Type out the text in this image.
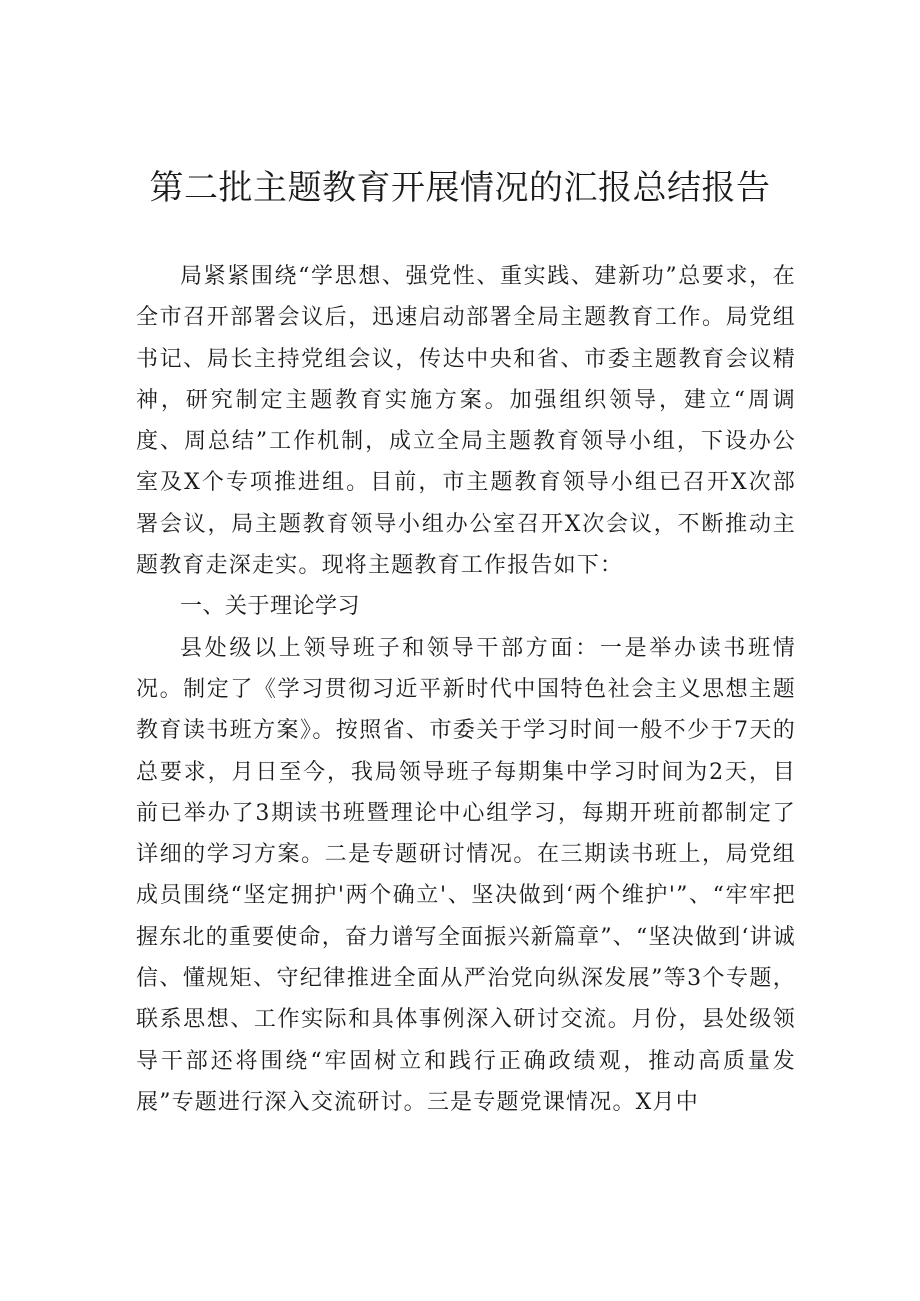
第二批主题教育开展情况的汇报总结报告

局紧紧围绕“学思想、强党性、重实践、建新功”总要求，在全市召开部署会议后，迅速启动部署全局主题教育工作。局党组书记、局长主持党组会议，传达中央和省、市委主题教育会议精神，研究制定主题教育实施方案。加强组织领导，建立“周调度、周总结”工作机制，成立全局主题教育领导小组，下设办公室及X个专项推进组。目前，市主题教育领导小组已召开X次部署会议，局主题教育领导小组办公室召开X次会议，不断推动主题教育走深走实。现将主题教育工作报告如下：

一、关于理论学习

县处级以上领导班子和领导干部方面：一是举办读书班情况。制定了《学习贯彻习近平新时代中国特色社会主义思想主题教育读书班方案》。按照省、市委关于学习时间一般不少于7天的总要求，月日至今，我局领导班子每期集中学习时间为2天，目前已举办了3期读书班暨理论中心组学习，每期开班前都制定了详细的学习方案。二是专题研讨情况。在三期读书班上，局党组成员围绕“坚定拥护'两个确立'、坚决做到‘两个维护'”、“牢牢把握东北的重要使命，奋力谱写全面振兴新篇章”、“坚决做到‘讲诚信、懂规矩、守纪律推进全面从严治党向纵深发展”等3个专题，联系思想、工作实际和具体事例深入研讨交流。月份，县处级领导干部还将围绕“牢固树立和践行正确政绩观，推动高质量发展”专题进行深入交流研讨。三是专题党课情况。X月中
